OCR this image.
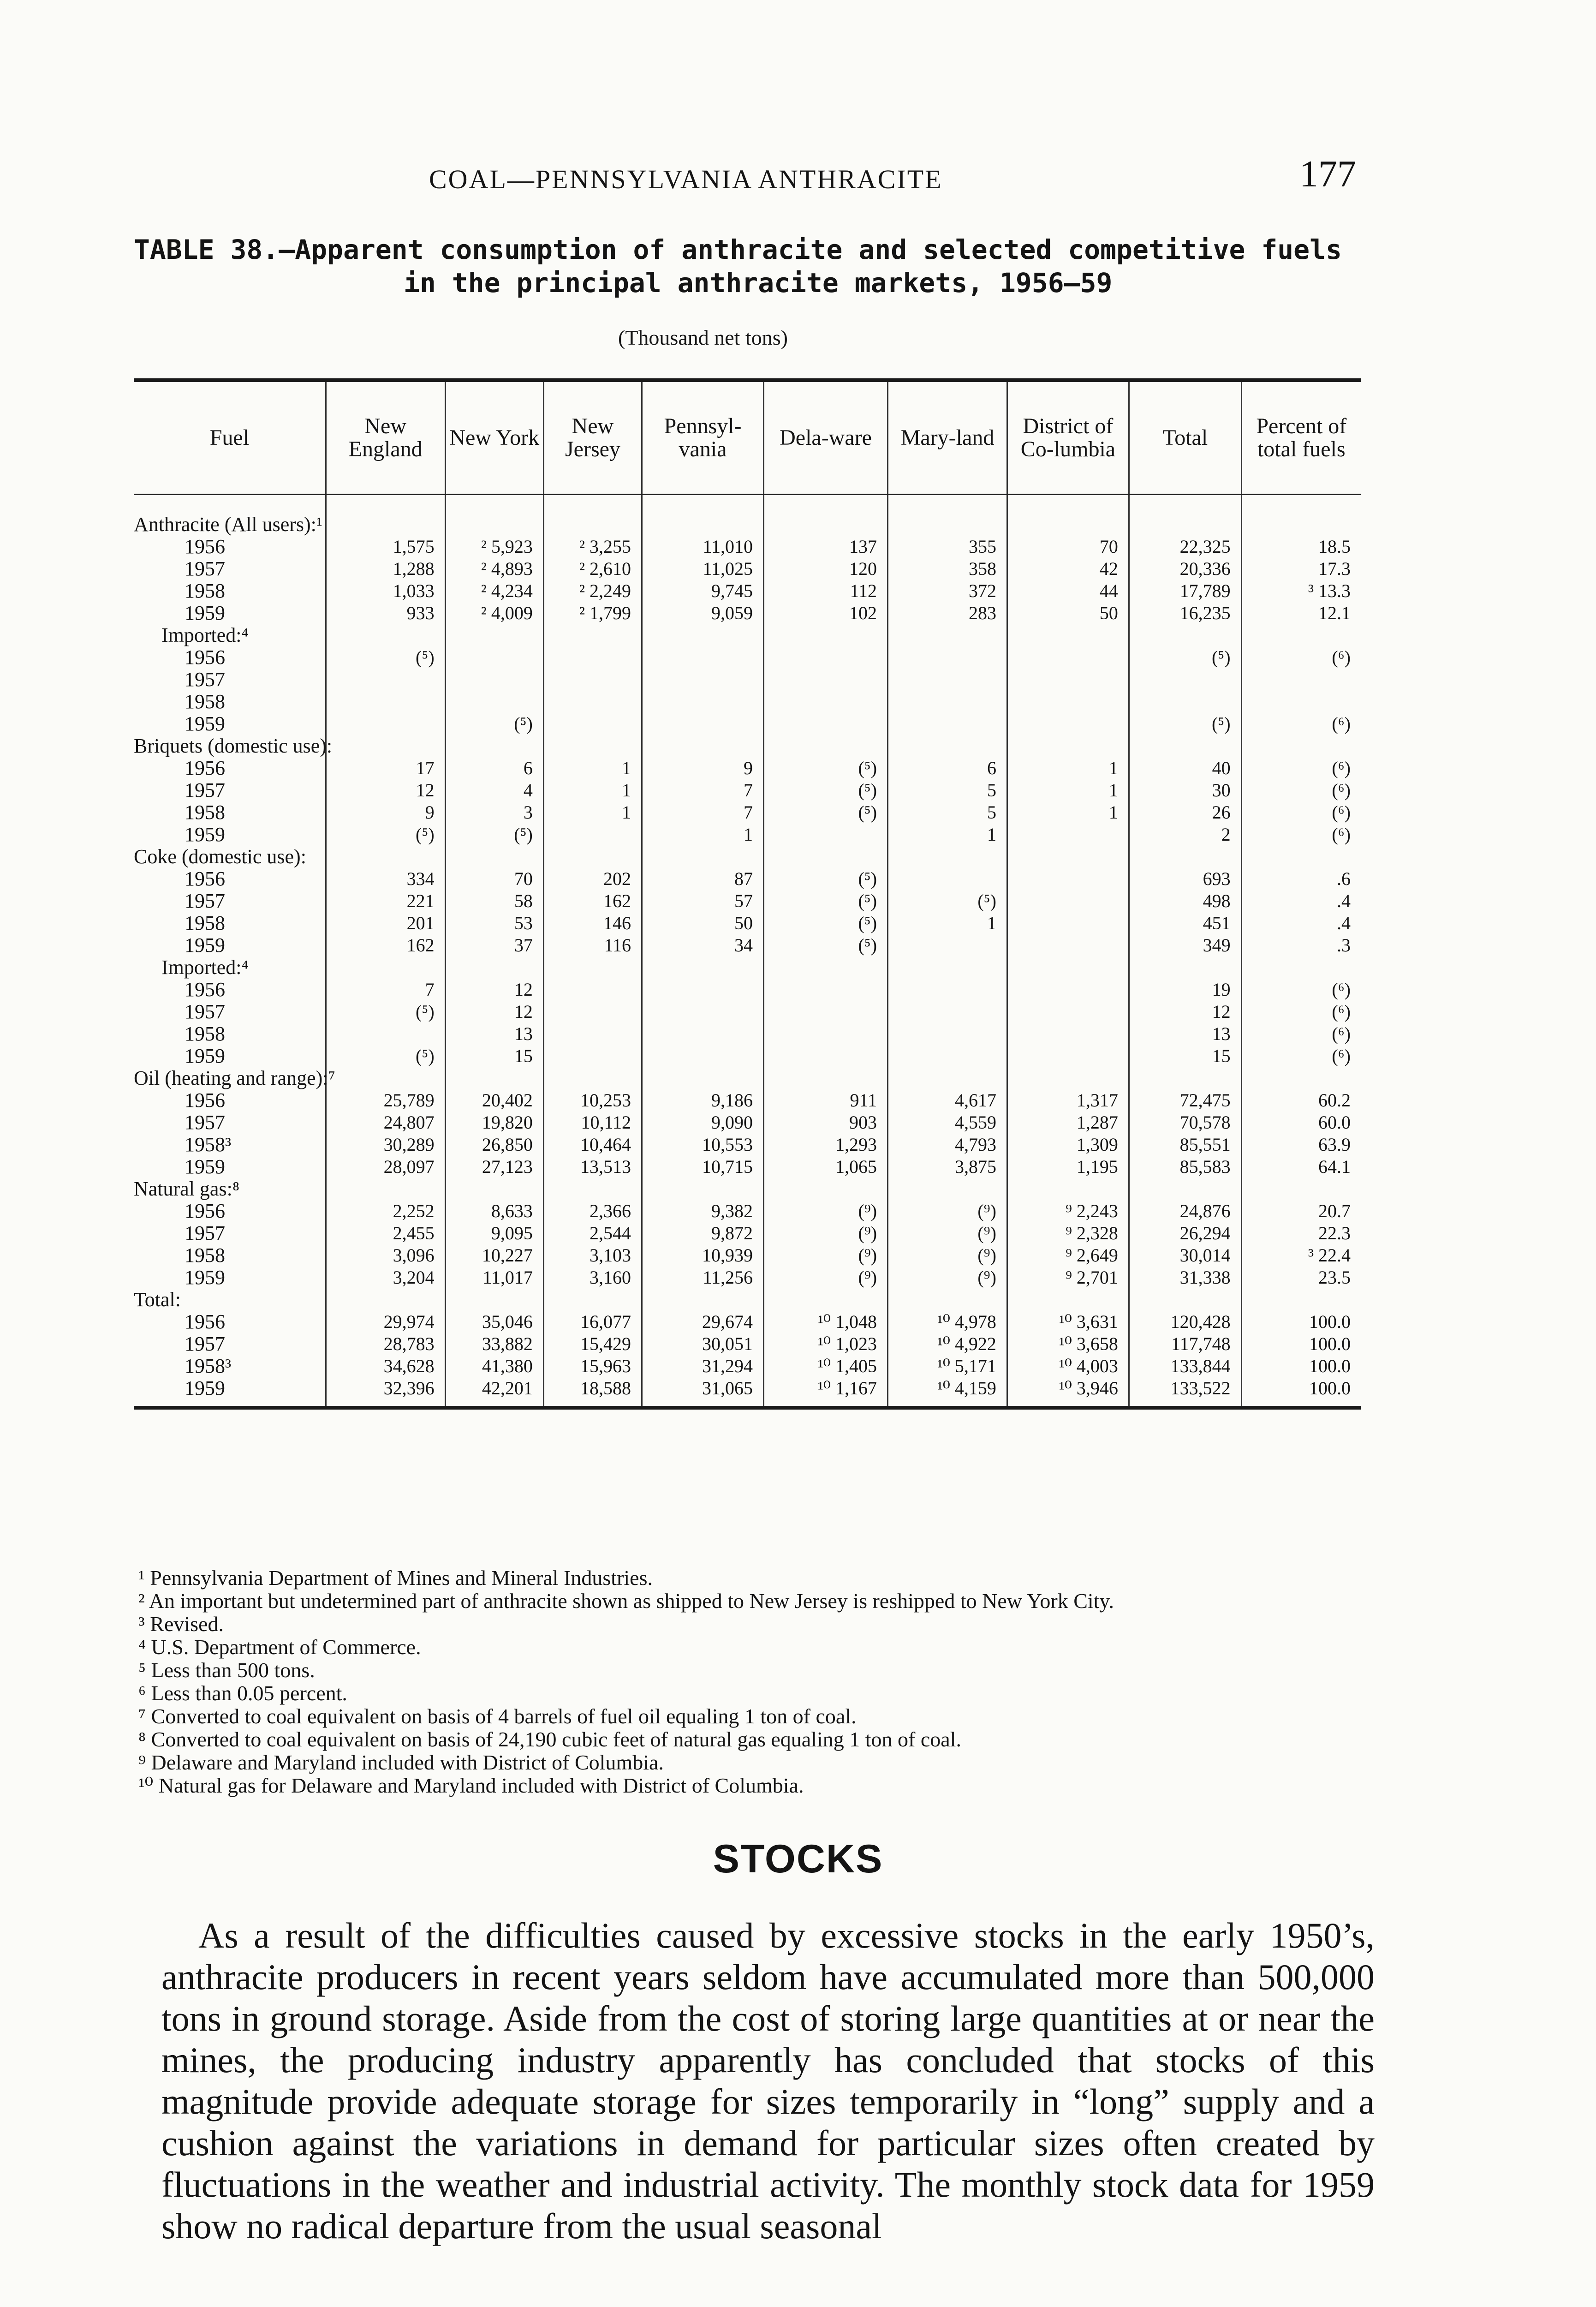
COAL—PENNSYLVANIA ANTHRACITE	177
TABLE 38.—Apparent consumption of anthracite and selected competitive fuels
in the principal anthracite markets, 1956–59
(Thousand net tons)
Fuel	New England	New York	New Jersey	Pennsyl-vania	Dela-ware	Mary-land	District of Co-lumbia	Total	Percent of total fuels
Anthracite (All users):¹									
1956	1,575	² 5,923	² 3,255	11,010	137	355	70	22,325	18.5
1957	1,288	² 4,893	² 2,610	11,025	120	358	42	20,336	17.3
1958	1,033	² 4,234	² 2,249	9,745	112	372	44	17,789	³ 13.3
1959	933	² 4,009	² 1,799	9,059	102	283	50	16,235	12.1
Imported:⁴									
1956	(⁵)							(⁵)	(⁶)
1957									
1958									
1959		(⁵)						(⁵)	(⁶)
Briquets (domestic use):									
1956	17	6	1	9	(⁵)	6	1	40	(⁶)
1957	12	4	1	7	(⁵)	5	1	30	(⁶)
1958	9	3	1	7	(⁵)	5	1	26	(⁶)
1959	(⁵)	(⁵)		1		1		2	(⁶)
Coke (domestic use):									
1956	334	70	202	87	(⁵)			693	.6
1957	221	58	162	57	(⁵)	(⁵)		498	.4
1958	201	53	146	50	(⁵)	1		451	.4
1959	162	37	116	34	(⁵)			349	.3
Imported:⁴									
1956	7	12						19	(⁶)
1957	(⁵)	12						12	(⁶)
1958		13						13	(⁶)
1959	(⁵)	15						15	(⁶)
Oil (heating and range):⁷									
1956	25,789	20,402	10,253	9,186	911	4,617	1,317	72,475	60.2
1957	24,807	19,820	10,112	9,090	903	4,559	1,287	70,578	60.0
1958³	30,289	26,850	10,464	10,553	1,293	4,793	1,309	85,551	63.9
1959	28,097	27,123	13,513	10,715	1,065	3,875	1,195	85,583	64.1
Natural gas:⁸									
1956	2,252	8,633	2,366	9,382	(⁹)	(⁹)	⁹ 2,243	24,876	20.7
1957	2,455	9,095	2,544	9,872	(⁹)	(⁹)	⁹ 2,328	26,294	22.3
1958	3,096	10,227	3,103	10,939	(⁹)	(⁹)	⁹ 2,649	30,014	³ 22.4
1959	3,204	11,017	3,160	11,256	(⁹)	(⁹)	⁹ 2,701	31,338	23.5
Total:									
1956	29,974	35,046	16,077	29,674	¹⁰ 1,048	¹⁰ 4,978	¹⁰ 3,631	120,428	100.0
1957	28,783	33,882	15,429	30,051	¹⁰ 1,023	¹⁰ 4,922	¹⁰ 3,658	117,748	100.0
1958³	34,628	41,380	15,963	31,294	¹⁰ 1,405	¹⁰ 5,171	¹⁰ 4,003	133,844	100.0
1959	32,396	42,201	18,588	31,065	¹⁰ 1,167	¹⁰ 4,159	¹⁰ 3,946	133,522	100.0

¹ Pennsylvania Department of Mines and Mineral Industries.

² An important but undetermined part of anthracite shown as shipped to New Jersey is reshipped to New York City.

³ Revised.

⁴ U.S. Department of Commerce.

⁵ Less than 500 tons.

⁶ Less than 0.05 percent.

⁷ Converted to coal equivalent on basis of 4 barrels of fuel oil equaling 1 ton of coal.

⁸ Converted to coal equivalent on basis of 24,190 cubic feet of natural gas equaling 1 ton of coal.

⁹ Delaware and Maryland included with District of Columbia.

¹⁰ Natural gas for Delaware and Maryland included with District of Columbia.

STOCKS

As a result of the difficulties caused by excessive stocks in the early 1950’s, anthracite producers in recent years seldom have accumulated more than 500,000 tons in ground storage. Aside from the cost of storing large quantities at or near the mines, the producing industry apparently has concluded that stocks of this magnitude provide adequate storage for sizes temporarily in “long” supply and a cushion against the variations in demand for particular sizes often created by fluctuations in the weather and industrial activity. The monthly stock data for 1959 show no radical departure from the usual seasonal
